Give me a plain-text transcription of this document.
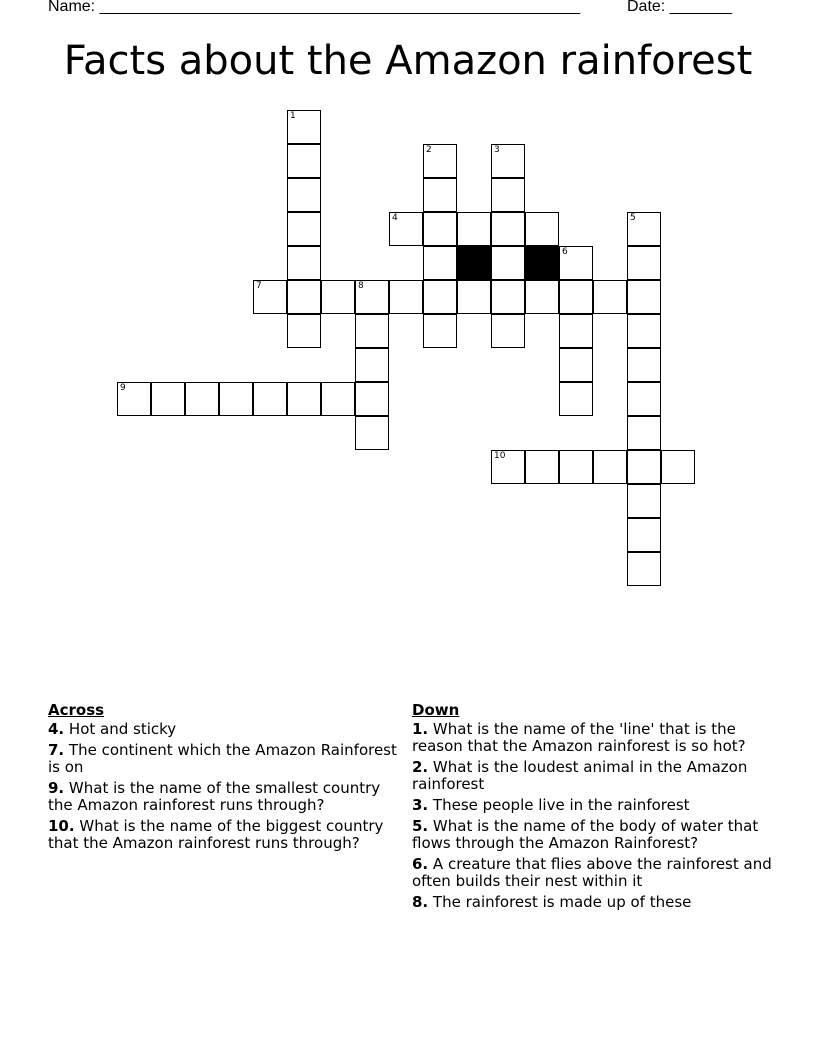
Name: ______________________________________________________	Date: _______
Facts about the Amazon rainforest
1
2	3
4	5
6
7	8
9
10
Across
4. Hot and sticky
7. The continent which the Amazon Rainforest is on
9. What is the name of the smallest country the Amazon rainforest runs through?
10. What is the name of the biggest country that the Amazon rainforest runs through?
Down
1. What is the name of the 'line' that is the reason that the Amazon rainforest is so hot?
2. What is the loudest animal in the Amazon rainforest
3. These people live in the rainforest
5. What is the name of the body of water that flows through the Amazon Rainforest?
6. A creature that flies above the rainforest and often builds their nest within it
8. The rainforest is made up of these
